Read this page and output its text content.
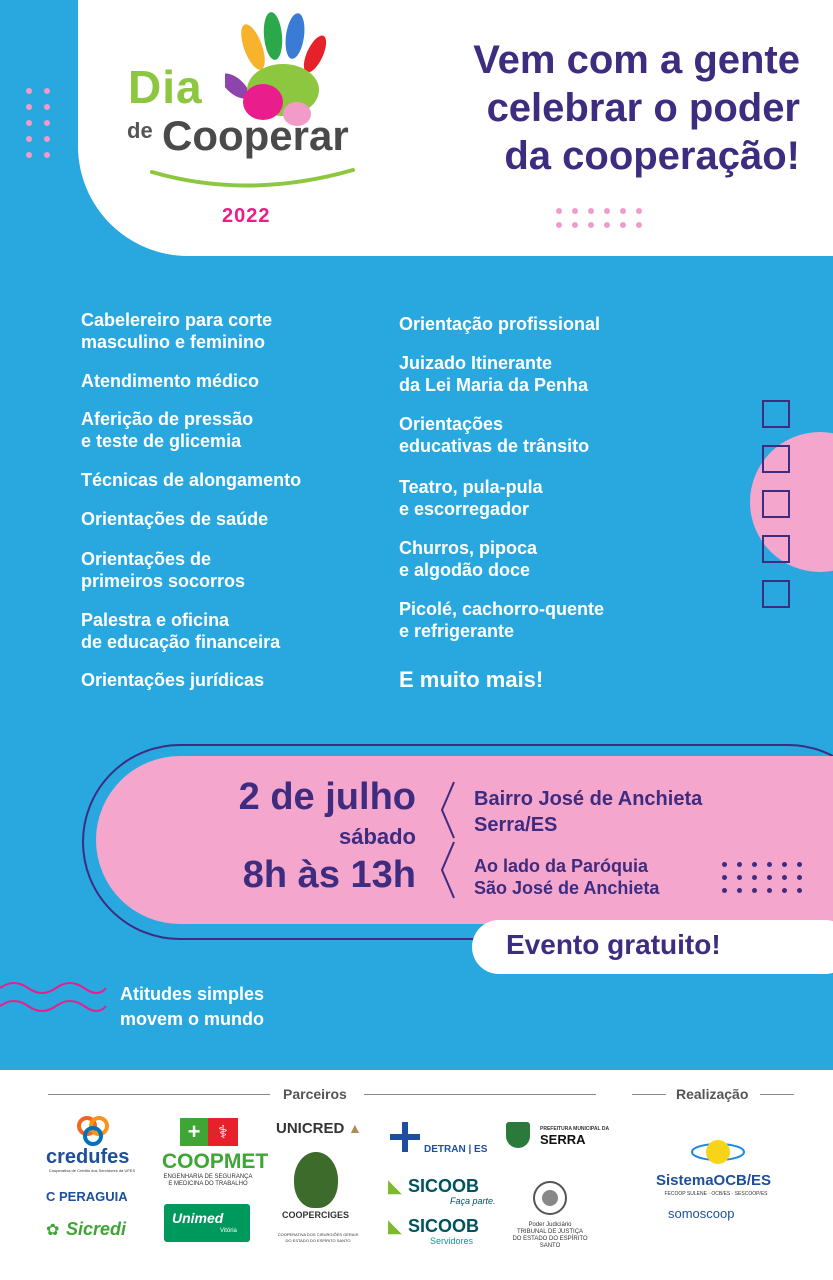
Dia
de Cooperar
2022
Vem com a gente
celebrar o poder
da cooperação!
Cabelereiro para corte
masculino e feminino
Atendimento médico
Aferição de pressão
e teste de glicemia
Técnicas de alongamento
Orientações de saúde
Orientações de
primeiros socorros
Palestra e oficina
de educação financeira
Orientações jurídicas
Orientação profissional
Juizado Itinerante
da Lei Maria da Penha
Orientações
educativas de trânsito
Teatro, pula-pula
e escorregador
Churros, pipoca
e algodão doce
Picolé, cachorro-quente
e refrigerante
E muito mais!
2 de julho
sábado
8h às 13h
Bairro José de Anchieta
Serra/ES
Ao lado da Paróquia
São José de Anchieta
Evento gratuito!
Atitudes simples
movem o mundo
Parceiros	Realização
credufes
Cooperativa de Crédito dos Servidores da UFES
C PERAGUIA
Sicredi
✿
+ ⚕
COOPMET
ENGENHARIA DE SEGURANÇA
E MEDICINA DO TRABALHO
Unimed
Vitória
UNICRED ▲
COOPERCIGES
COOPERATIVA DOS CIRURGIÕES GERAIS
DO ESTADO DO ESPÍRITO SANTO
DETRAN | ES
◣ SICOOB
Faça parte.
◣ SICOOB
Servidores
PREFEITURA MUNICIPAL DA
SERRA
Poder Judiciário
TRIBUNAL DE JUSTIÇA
DO ESTADO DO ESPÍRITO SANTO
SistemaOCB/ES
FECOOP SULENE · OCB/ES · SESCOOP/ES
somoscoop
